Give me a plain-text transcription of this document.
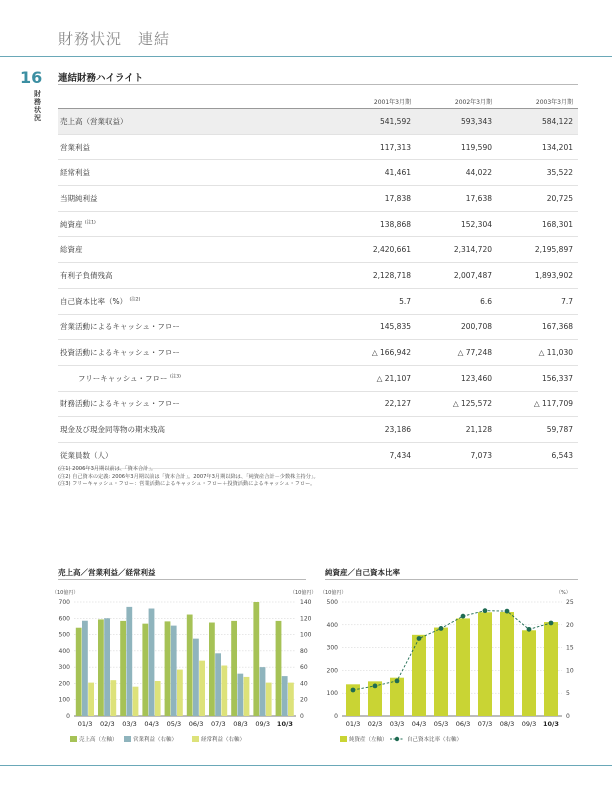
財務状況　連結
16
財務状況
連結財務ハイライト
	2001年3月期	2002年3月期	2003年3月期
売上高（営業収益）	541,592	593,343	584,122
営業利益	117,313	119,590	134,201
経常利益	41,461	44,022	35,522
当期純利益	17,838	17,638	20,725
純資産 $^{(注1)}$	138,868	152,304	168,301
総資産	2,420,661	2,314,720	2,195,897
有利子負債残高	2,128,718	2,007,487	1,893,902
自己資本比率（%） $^{(注2)}$	5.7	6.6	7.7
営業活動によるキャッシュ・フロー	145,835	200,708	167,368
投資活動によるキャッシュ・フロー	△ 166,942	△ 77,248	△ 11,030
フリーキャッシュ・フロー $^{(注3)}$	△ 21,107	123,460	156,337
財務活動によるキャッシュ・フロー	22,127	△ 125,572	△ 117,709
現金及び現金同等物の期末残高	23,186	21,128	59,787
従業員数（人）	7,434	7,073	6,543
(注1) 2006年3月期以前は、「資本合計」。
(注2) 自己資本の定義: 2006年3月期以前は「資本合計」。2007年3月期以降は、「純資産合計－少数株主持分」。
(注3) フリーキャッシュ・フロー：営業活動によるキャッシュ・フロー＋投資活動によるキャッシュ・フロー。
売上高／営業利益／経常利益
0
100
200
300
400
500
600
700
0
20
40
60
80
100
120
140
（10億円）	（10億円）
01/3 02/3 03/3 04/3 05/3 06/3 07/3 08/3 09/3 10/3
売上高（左軸）	営業利益（右軸）	経常利益（右軸）
純資産／自己資本比率
0
100
200
300
400
500
0
5
10
15
20
25
（10億円）	（%）
01/3 02/3 03/3 04/3 05/3 06/3 07/3 08/3 09/3 10/3
純資産（左軸）	自己資本比率（右軸）
